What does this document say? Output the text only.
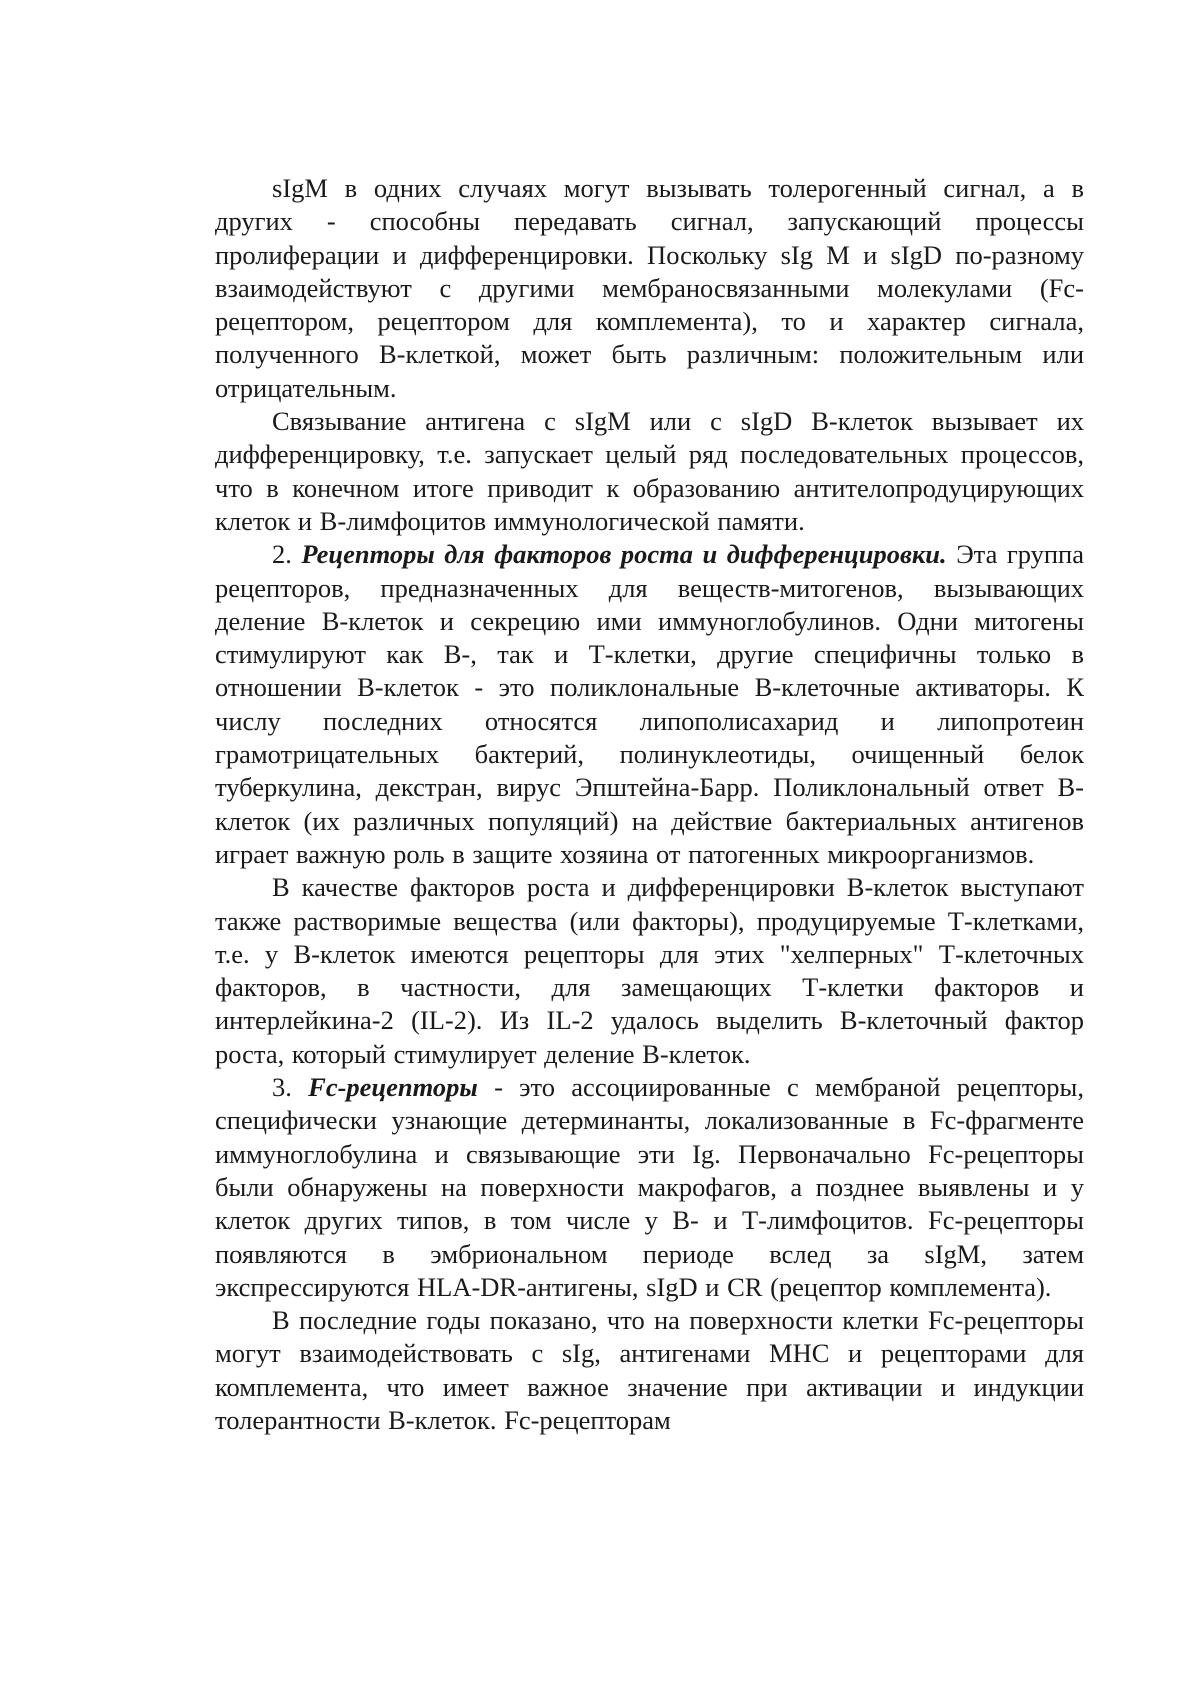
sIgM в одних случаях могут вызывать толерогенный сигнал, а в других - способны передавать сигнал, запускающий процессы пролиферации и дифференцировки. Поскольку sIg M и sIgD по-разному взаимодействуют с другими мембраносвязанными молекулами (Fc-рецептором, рецептором для комплемента), то и характер сигнала, полученного В-клеткой, может быть различным: положительным или отрицательным.

Связывание антигена с sIgM или с sIgD В-клеток вызывает их дифференцировку, т.е. запускает целый ряд последовательных процессов, что в конечном итоге приводит к образованию антителопродуцирующих клеток и В-лимфоцитов иммунологической памяти.

2. Рецепторы для факторов роста и дифференцировки. Эта группа рецепторов, предназначенных для веществ-митогенов, вызывающих деление В-клеток и секрецию ими иммуноглобулинов. Одни митогены стимулируют как В-, так и Т-клетки, другие специфичны только в отношении В-клеток - это поликлональные В-клеточные активаторы. К числу последних относятся липополисахарид и липопротеин грамотрицательных бактерий, полинуклеотиды, очищенный белок туберкулина, декстран, вирус Эпштейна-Барр. Поликлональный ответ В-клеток (их различных популяций) на действие бактериальных антигенов играет важную роль в защите хозяина от патогенных микроорганизмов.

В качестве факторов роста и дифференцировки В-клеток выступают также растворимые вещества (или факторы), продуцируемые Т-клетками, т.е. у В-клеток имеются рецепторы для этих "хелперных" Т-клеточных факторов, в частности, для замещающих Т-клетки факторов и интерлейкина-2 (IL-2). Из IL-2 удалось выделить В-клеточный фактор роста, который стимулирует деление В-клеток.

3. Fc-рецепторы - это ассоциированные с мембраной рецепторы, специфически узнающие детерминанты, локализованные в Fc-фрагменте иммуноглобулина и связывающие эти Ig. Первоначально Fc-рецепторы были обнаружены на поверхности макрофагов, а позднее выявлены и у клеток других типов, в том числе у В- и Т-лимфоцитов. Fc-рецепторы появляются в эмбриональном периоде вслед за sIgM, затем экспрессируются HLA-DR-антигены, sIgD и CR (рецептор комплемента).

В последние годы показано, что на поверхности клетки Fc-рецепторы могут взаимодействовать с sIg, антигенами МНС и рецепторами для комплемента, что имеет важное значение при активации и индукции толерантности В-клеток. Fc-рецепторам
